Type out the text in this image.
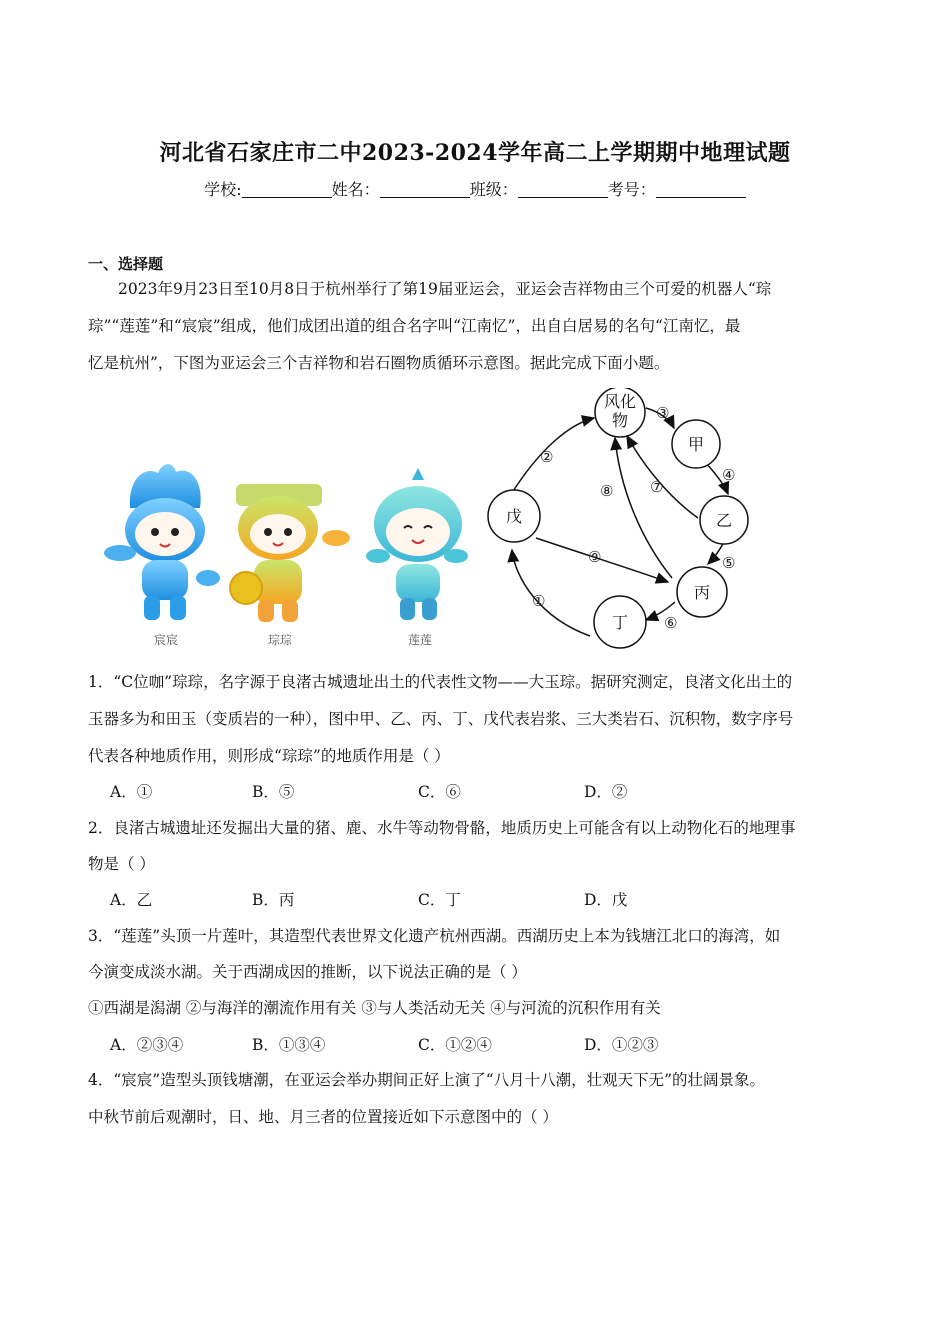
河北省石家庄市二中2023-2024学年高二上学期期中地理试题
学校:	姓名：	班级：	考号：
一、选择题
2023年9月23日至10月8日于杭州举行了第19届亚运会，亚运会吉祥物由三个可爱的机器人“琮
琮”“莲莲”和“宸宸”组成，他们成团出道的组合名字叫“江南忆”，出自白居易的名句“江南忆，最
忆是杭州”，下图为亚运会三个吉祥物和岩石圈物质循环示意图。据此完成下面小题。
宸宸	琮琮	莲莲
风化
物
甲
乙
丙
丁
戊
①
②
③
④
⑤
⑥
⑦
⑧
⑨
1．“C位咖”琮琮，名字源于良渚古城遗址出土的代表性文物——大玉琮。据研究测定，良渚文化出土的
玉器多为和田玉（变质岩的一种），图中甲、乙、丙、丁、戊代表岩浆、三大类岩石、沉积物，数字序号
代表各种地质作用，则形成“琮琮”的地质作用是（ ）
A．①	B．⑤	C．⑥	D．②
2．良渚古城遗址还发掘出大量的猪、鹿、水牛等动物骨骼，地质历史上可能含有以上动物化石的地理事
物是（ ）
A．乙	B．丙	C．丁	D．戊
3．“莲莲”头顶一片莲叶，其造型代表世界文化遗产杭州西湖。西湖历史上本为钱塘江北口的海湾，如
今演变成淡水湖。关于西湖成因的推断，以下说法正确的是（ ）
①西湖是潟湖 ②与海洋的潮流作用有关 ③与人类活动无关 ④与河流的沉积作用有关
A．②③④	B．①③④	C．①②④	D．①②③
4．“宸宸”造型头顶钱塘潮，在亚运会举办期间正好上演了“八月十八潮，壮观天下无”的壮阔景象。
中秋节前后观潮时，日、地、月三者的位置接近如下示意图中的（ ）
